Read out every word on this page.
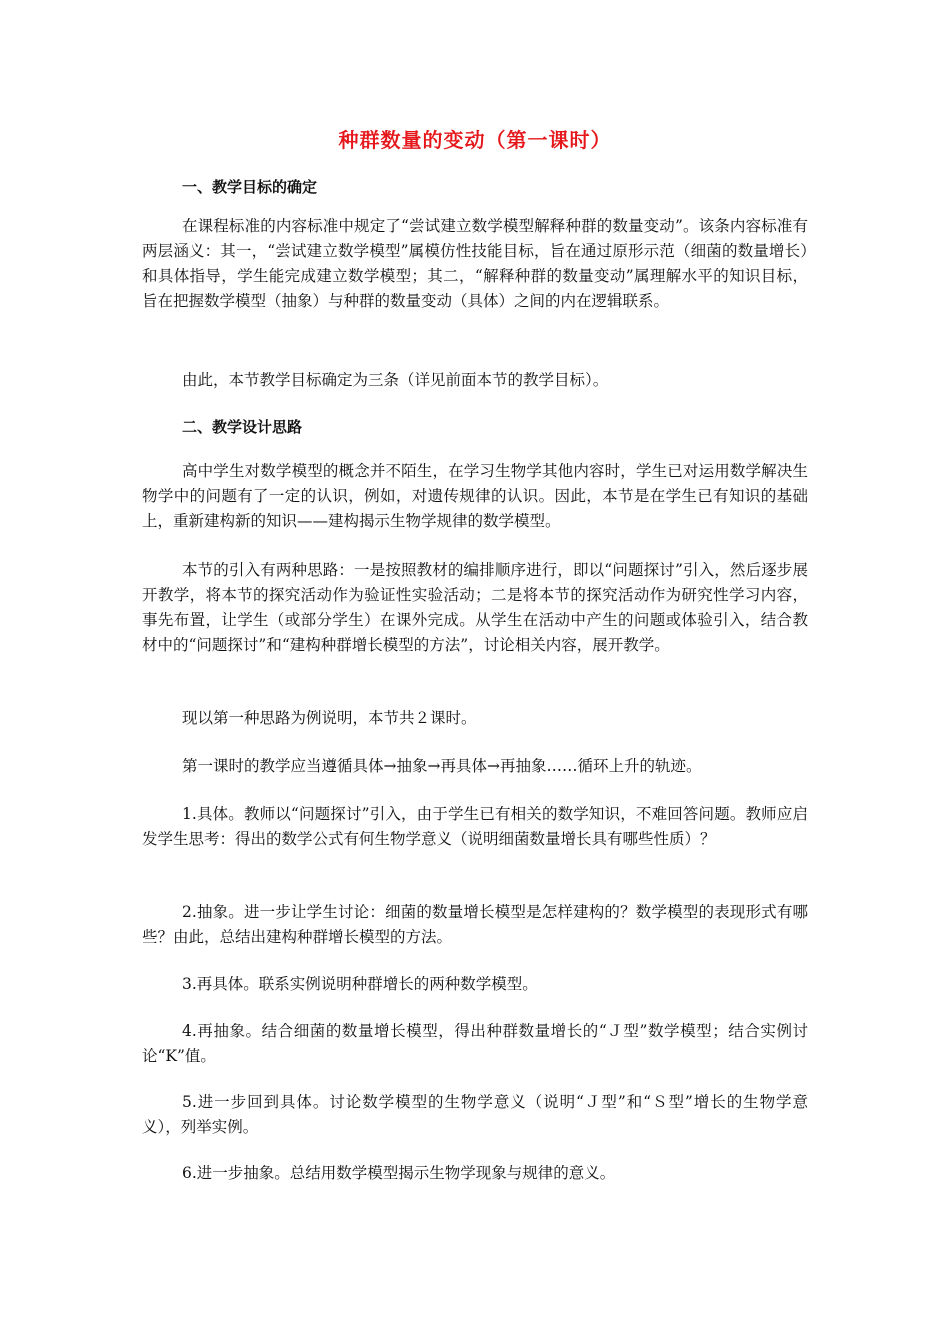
种群数量的变动（第一课时）
一、教学目标的确定

在课程标准的内容标准中规定了“尝试建立数学模型解释种群的数量变动”。该条内容标准有两层涵义：其一，“尝试建立数学模型”属模仿性技能目标，旨在通过原形示范（细菌的数量增长）和具体指导，学生能完成建立数学模型；其二，“解释种群的数量变动”属理解水平的知识目标，旨在把握数学模型（抽象）与种群的数量变动（具体）之间的内在逻辑联系。

由此，本节教学目标确定为三条（详见前面本节的教学目标）。

二、教学设计思路

高中学生对数学模型的概念并不陌生，在学习生物学其他内容时，学生已对运用数学解决生物学中的问题有了一定的认识，例如，对遗传规律的认识。因此，本节是在学生已有知识的基础上，重新建构新的知识——建构揭示生物学规律的数学模型。

本节的引入有两种思路：一是按照教材的编排顺序进行，即以“问题探讨”引入，然后逐步展开教学，将本节的探究活动作为验证性实验活动；二是将本节的探究活动作为研究性学习内容，事先布置，让学生（或部分学生）在课外完成。从学生在活动中产生的问题或体验引入，结合教材中的“问题探讨”和“建构种群增长模型的方法”，讨论相关内容，展开教学。

现以第一种思路为例说明，本节共２课时。

第一课时的教学应当遵循具体→抽象→再具体→再抽象……循环上升的轨迹。

1.具体。教师以“问题探讨”引入，由于学生已有相关的数学知识，不难回答问题。教师应启发学生思考：得出的数学公式有何生物学意义（说明细菌数量增长具有哪些性质）？

2.抽象。进一步让学生讨论：细菌的数量增长模型是怎样建构的？数学模型的表现形式有哪些？由此，总结出建构种群增长模型的方法。

3.再具体。联系实例说明种群增长的两种数学模型。

4.再抽象。结合细菌的数量增长模型，得出种群数量增长的“Ｊ型”数学模型；结合实例讨论“K”值。

5.进一步回到具体。讨论数学模型的生物学意义（说明“Ｊ型”和“Ｓ型”增长的生物学意义），列举实例。

6.进一步抽象。总结用数学模型揭示生物学现象与规律的意义。
